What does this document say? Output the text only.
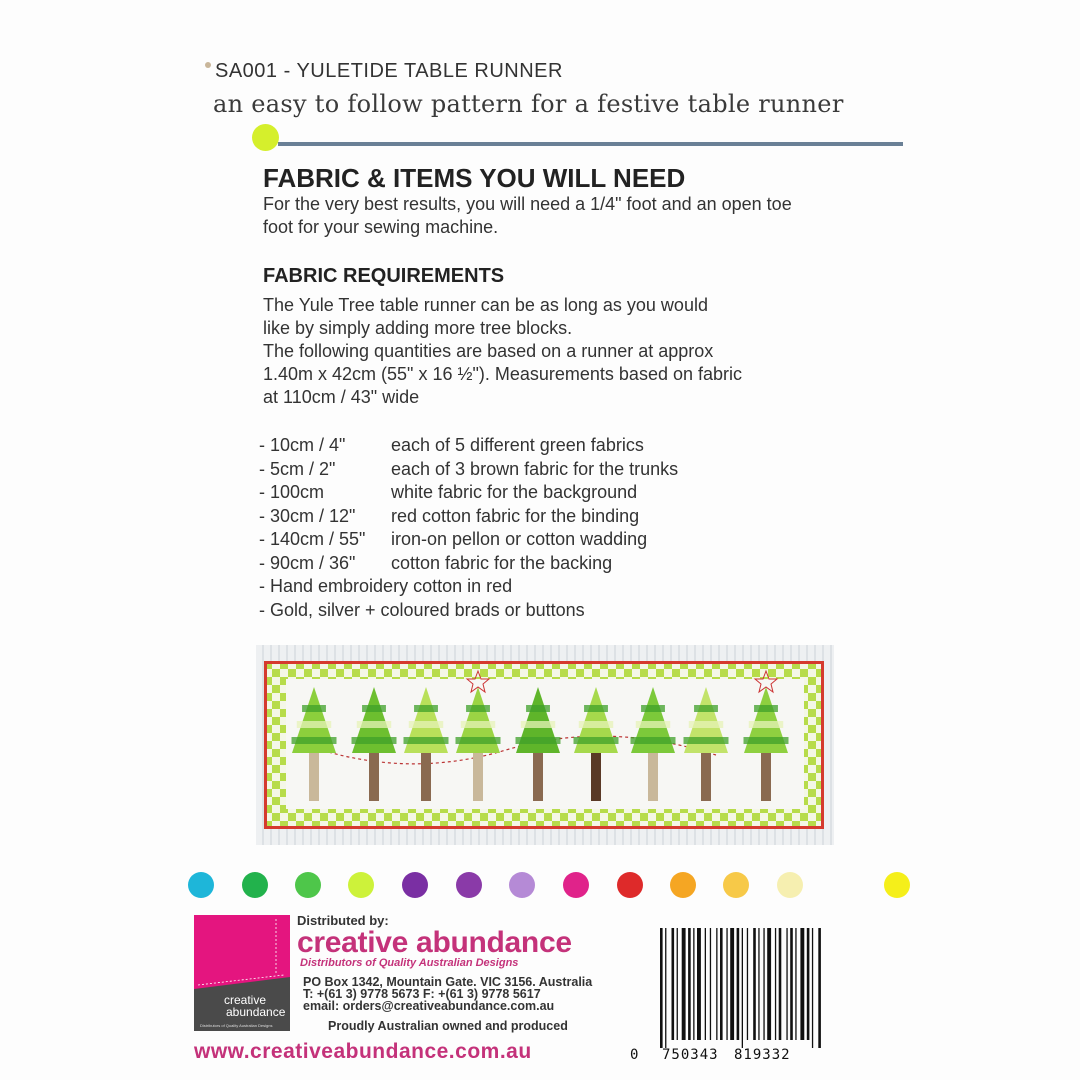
SA001 - YULETIDE TABLE RUNNER
an easy to follow pattern for a festive table runner
FABRIC & ITEMS YOU WILL NEED
For the very best results, you will need a 1/4" foot and an open toe foot for your sewing machine.
FABRIC REQUIREMENTS
The Yule Tree table runner can be as long as you would
like by simply adding more tree blocks.
The following quantities are based on a runner at approx
1.40m x 42cm (55" x 16 ½"). Measurements based on fabric
at 110cm / 43" wide
- 10cm / 4"	each of 5 different green fabrics
- 5cm / 2"	each of 3 brown fabric for the trunks
- 100cm	white fabric for the background
- 30cm / 12" red cotton fabric for the binding
- 140cm / 55" iron-on pellon or cotton wadding
- 90cm / 36" cotton fabric for the backing
- Hand embroidery cotton in red
- Gold, silver + coloured brads or buttons
creative
abundance
Distributors of Quality Australian Designs
Distributed by:
creative abundance
Distributors of Quality Australian Designs
PO Box 1342, Mountain Gate. VIC 3156. Australia
T: +(61 3) 9778 5673 F: +(61 3) 9778 5617
email: orders@creativeabundance.com.au
Proudly Australian owned and produced
www.creativeabundance.com.au	0 750343 819332
